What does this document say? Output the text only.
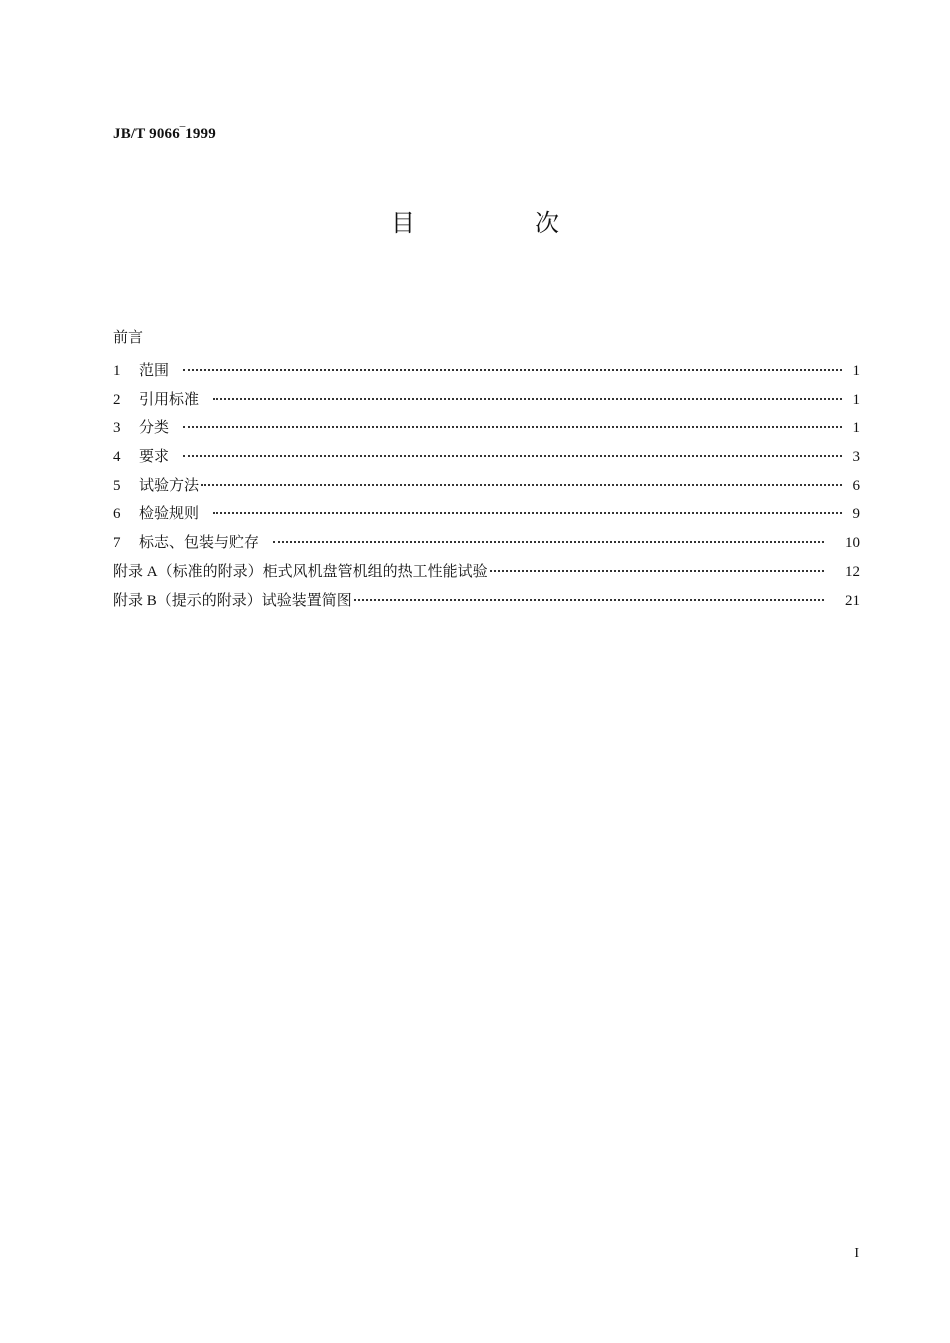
JB/T 9066‾1999
目　次
前言
1	范围	1
2	引用标准	1
3	分类	1
4	要求	3
5	试验方法	6
6	检验规则	9
7	标志、包装与贮存	10
附录 A（标准的附录）柜式风机盘管机组的热工性能试验	12
附录 B（提示的附录）试验装置简图	21
I
